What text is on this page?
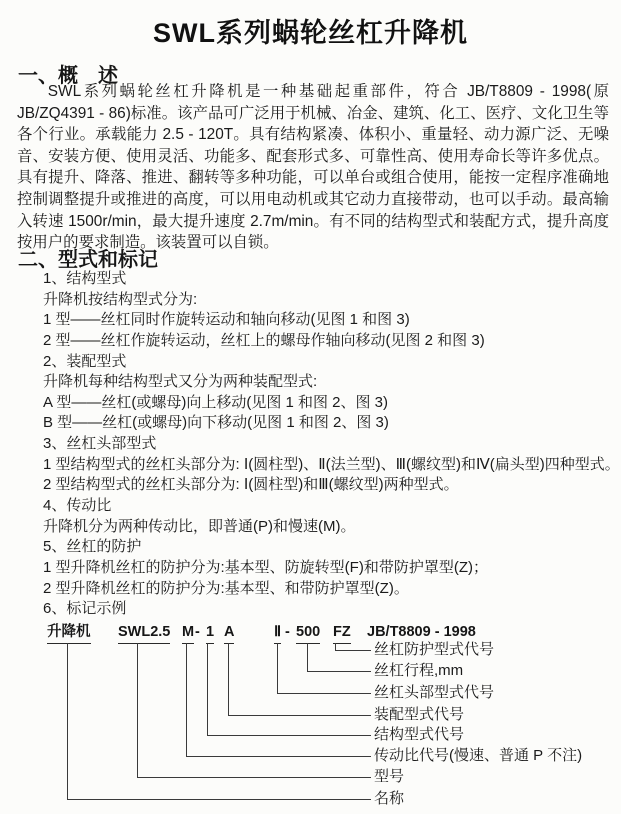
SWL系列蜗轮丝杠升降机
一、概　述
SWL系列蜗轮丝杠升降机是一种基础起重部件，符合 JB/T8809 - 1998(原 JB/ZQ4391 - 86)标准。该产品可广泛用于机械、冶金、建筑、化工、医疗、文化卫生等各个行业。承载能力 2.5 - 120T。具有结构紧凑、体积小、重量轻、动力源广泛、无噪音、安装方便、使用灵活、功能多、配套形式多、可靠性高、使用寿命长等许多优点。具有提升、降落、推进、翻转等多种功能，可以单台或组合使用，能按一定程序准确地控制调整提升或推进的高度，可以用电动机或其它动力直接带动，也可以手动。最高输入转速 1500r/min，最大提升速度 2.7m/min。有不同的结构型式和装配方式，提升高度按用户的要求制造。该装置可以自锁。
二、型式和标记
1、结构型式
升降机按结构型式分为:
1 型——丝杠同时作旋转运动和轴向移动(见图 1 和图 3)
2 型——丝杠作旋转运动，丝杠上的螺母作轴向移动(见图 2 和图 3)
2、装配型式
升降机每种结构型式又分为两种装配型式:
A 型——丝杠(或螺母)向上移动(见图 1 和图 2、图 3)
B 型——丝杠(或螺母)向下移动(见图 1 和图 2、图 3)
3、丝杠头部型式
1 型结构型式的丝杠头部分为: Ⅰ(圆柱型)、Ⅱ(法兰型)、Ⅲ(螺纹型)和Ⅳ(扁头型)四种型式。
2 型结构型式的丝杠头部分为: Ⅰ(圆柱型)和Ⅲ(螺纹型)两种型式。
4、传动比
升降机分为两种传动比，即普通(P)和慢速(M)。
5、丝杠的防护
1 型升降机丝杠的防护分为:基本型、防旋转型(F)和带防护罩型(Z)；
2 型升降机丝杠的防护分为:基本型、和带防护罩型(Z)。
6、标记示例
升降机 SWL2.5 M - 1 A	Ⅱ - 500 FZ JB/T8809 - 1998
丝杠防护型式代号
丝杠行程,mm
丝杠头部型式代号
装配型式代号
结构型式代号
传动比代号(慢速、普通 P 不注)
型号
名称
